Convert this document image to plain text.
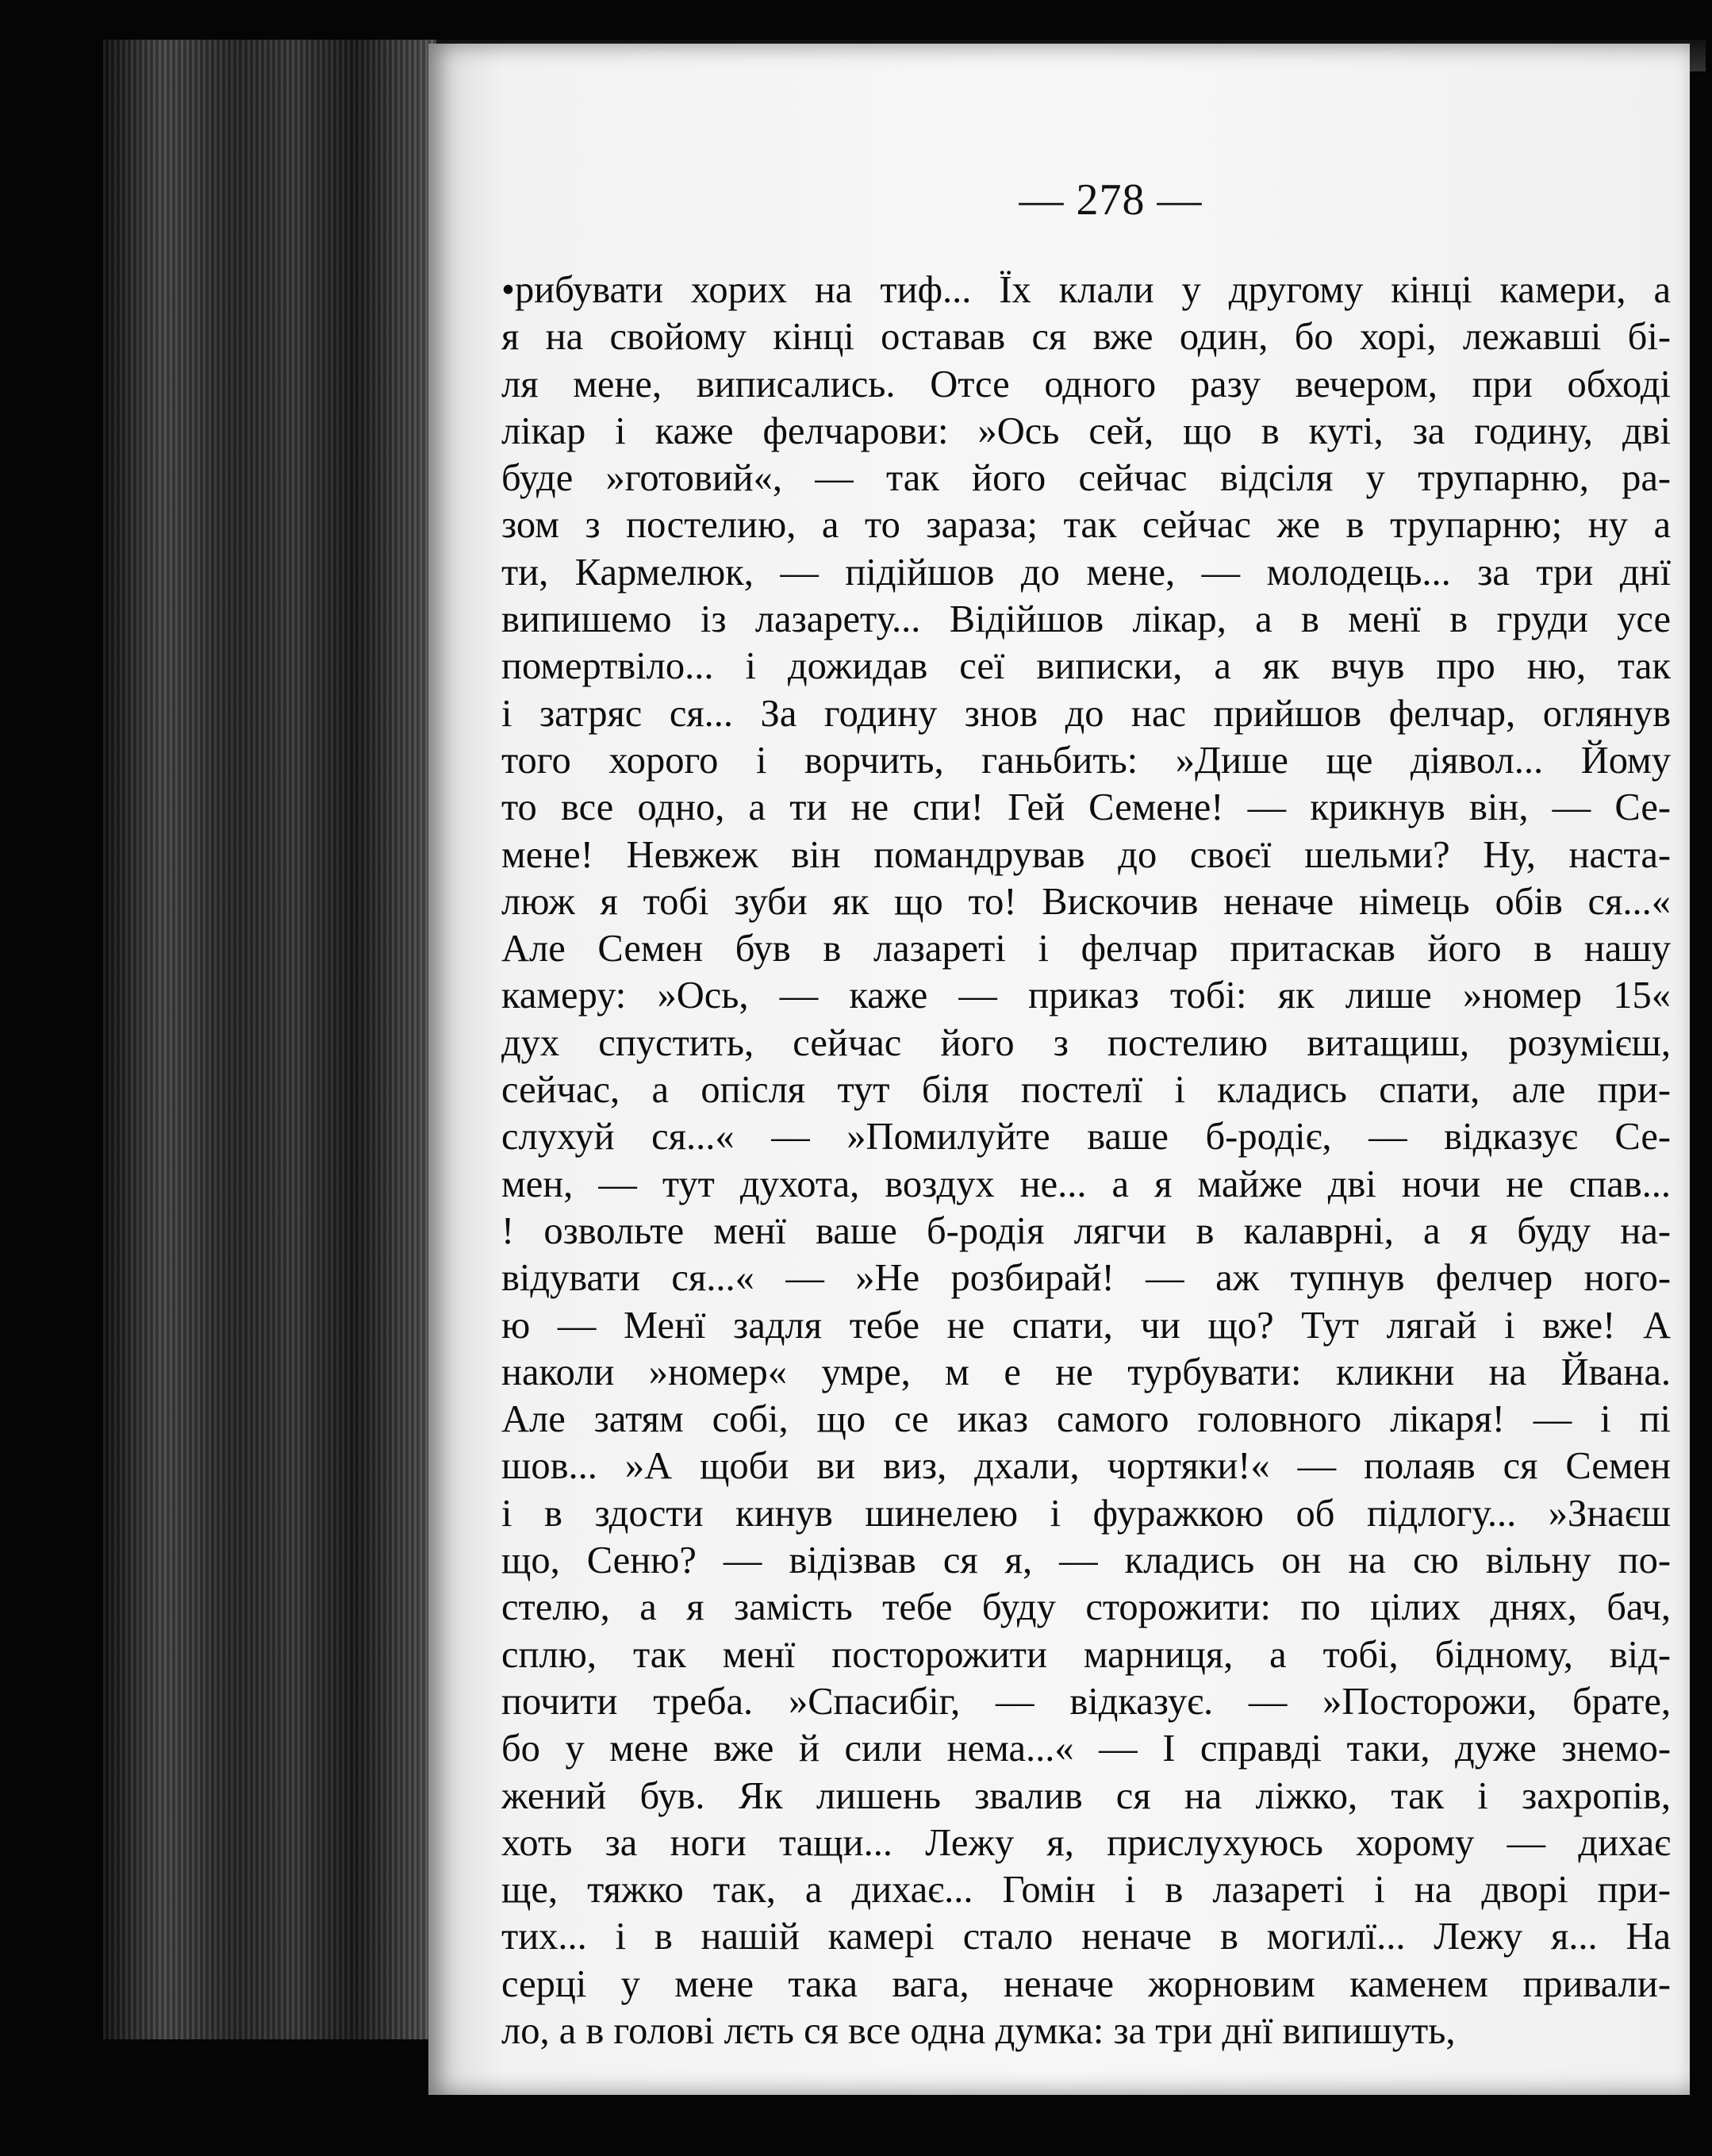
— 278 —
•рибувати хорих на тиф... Їх клали у другому кінці камери, а
я на свойому кінці оставав ся вже один, бо хорі, лежавші бі-
ля мене, виписались. Отсе одного разу вечером, при обході
лікар і каже фелчарови: »Ось сей, що в куті, за годину, дві
буде »готовий«, — так його сейчас відсіля у трупарню, ра-
зом з постелию, а то зараза; так сейчас же в трупарню; ну а
ти, Кармелюк, — підійшов до мене, — молодець... за три днї
випишемо із лазарету... Відійшов лікар, а в менї в груди усе
помертвіло... і дожидав сеї виписки, а як вчув про ню, так
і затряс ся... За годину знов до нас прийшов фелчар, оглянув
того хорого і ворчить, ганьбить: »Дише ще діявол... Йому
то все одно, а ти не спи! Гей Семене! — крикнув він, — Се-
мене! Невжеж він помандрував до своєї шельми? Ну, наста-
люж я тобі зуби як що то! Вискочив неначе німець обів ся...«
Але Семен був в лазареті і фелчар притаскав його в нашу
камеру: »Ось, — каже — приказ тобі: як лише »номер 15«
дух спустить, сейчас його з постелию витащиш, розумієш,
сейчас, а опісля тут біля постелї і кладись спати, але при-
слухуй ся...« — »Помилуйте ваше б-родіє, — відказує Се-
мен, — тут духота, воздух не... а я майже дві ночи не спав...
! озвольте менї ваше б-родія лягчи в калаврні, а я буду на-
відувати ся...« — »Не розбирай! — аж тупнув фелчер ного-
ю — Менї задля тебе не спати, чи що? Тут лягай і вже! А
наколи »номер« умре, м е не турбувати: кликни на Йвана.
Але затям собі, що се иказ самого головного лікаря! — і пі
шов... »А щоби ви виз, дхали, чортяки!« — полаяв ся Семен
і в здости кинув шинелею і фуражкою об підлогу... »Знаєш
що, Сеню? — відізвав ся я, — кладись он на сю вільну по-
стелю, а я замість тебе буду сторожити: по цілих днях, бач,
сплю, так менї посторожити марниця, а тобі, бідному, від-
почити треба. »Спасибіг, — відказує. — »Посторожи, брате,
бо у мене вже й сили нема...« — І справді таки, дуже знемо-
жений був. Як лишень звалив ся на ліжко, так і захропів,
хоть за ноги тащи... Лежу я, прислухуюсь хорому — дихає
ще, тяжко так, а дихає... Гомін і в лазареті і на дворі при-
тих... і в нашій камері стало неначе в могилї... Лежу я... На
серці у мене така вага, неначе жорновим каменем привали-
ло, а в голові лєть ся все одна думка: за три днї випишуть,
